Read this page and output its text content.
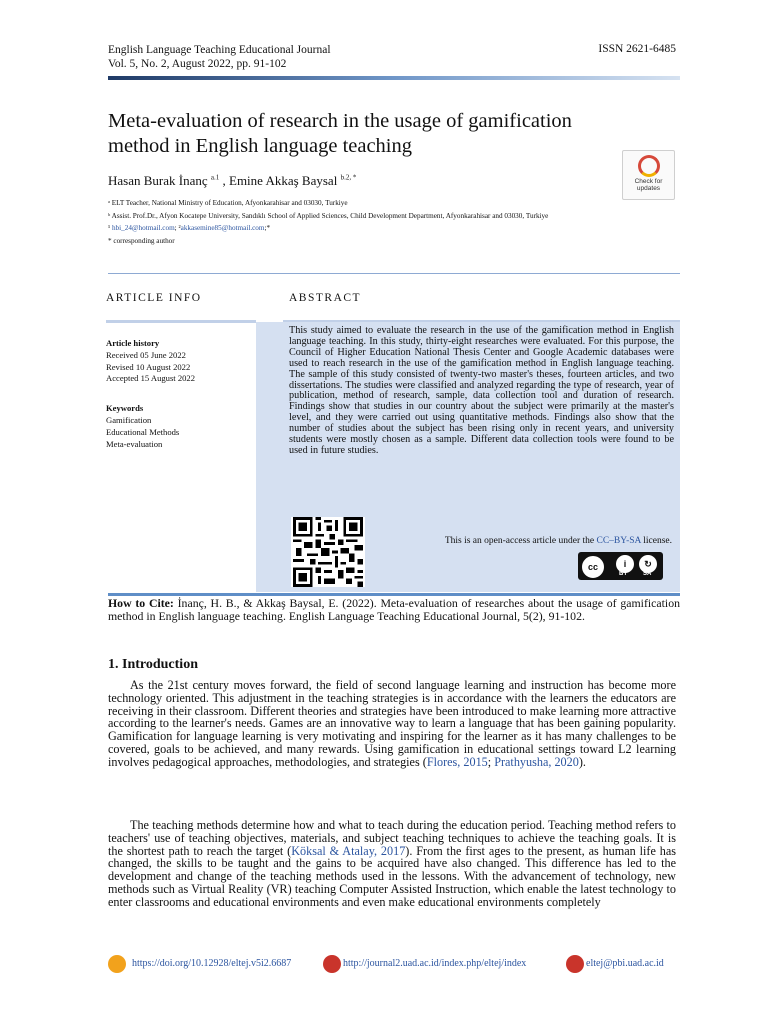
English Language Teaching Educational Journal
Vol. 5, No. 2, August 2022, pp. 91-102
ISSN 2621-6485
Meta-evaluation of research in the usage of gamification method in English language teaching
Hasan Burak İnanç $^{a.1}$ , Emine Akkaş Baysal $^{b.2, *}$	Check for
updates
ᵃ ELT Teacher, National Ministry of Education, Afyonkarahisar and 03030, Turkiye
ᵇ Assist. Prof.Dr., Afyon Kocatepe University, Sandıklı School of Applied Sciences, Child Development Department, Afyonkarahisar and 03030, Turkiye
¹ hbi_24@hotmail.com; ²akkasemine85@hotmail.com;*
* corresponding author
ARTICLE INFO	ABSTRACT
Article history
Received 05 June 2022
Revised 10 August 2022
Accepted 15 August 2022
Keywords
Gamification
Educational Methods
Meta-evaluation
This study aimed to evaluate the research in the use of the gamification method in English language teaching. In this study, thirty-eight researches were evaluated. For this purpose, the Council of Higher Education National Thesis Center and Google Academic databases were used to reach research in the use of the gamification method in English language teaching. The sample of this study consisted of twenty-two master's theses, fourteen articles, and two dissertations. The studies were classified and analyzed regarding the type of research, year of publication, method of research, sample, data collection tool and duration of research. Findings show that studies in our country about the subject were primarily at the master's level, and they were carried out using quantitative methods. Findings also show that the number of studies about the subject has been rising only in recent years, and university students were mostly chosen as a sample. Different data collection tools were found to be used in future studies.
This is an open-access article under the CC–BY-SA license.
cc	i	↻
BY	SA
How to Cite: İnanç, H. B., & Akkaş Baysal, E. (2022). Meta-evaluation of researches about the usage of gamification method in English language teaching. English Language Teaching Educational Journal, 5(2), 91-102.
1. Introduction
As the 21st century moves forward, the field of second language learning and instruction has become more technology oriented. This adjustment in the teaching strategies is in accordance with the learners the educators are receiving in their classroom. Different theories and strategies have been introduced to make learning more attractive according to the learner's needs. Games are an innovative way to learn a language that has been gaining popularity. Gamification for language learning is very motivating and inspiring for the learner as it has many challenges to be covered, goals to be achieved, and many rewards. Using gamification in educational settings toward L2 learning involves pedagogical approaches, methodologies, and strategies (Flores, 2015; Prathyusha, 2020).
The teaching methods determine how and what to teach during the education period. Teaching method refers to teachers' use of teaching objectives, materials, and subject teaching techniques to achieve the teaching goals. It is the shortest path to reach the target (Köksal & Atalay, 2017). From the first ages to the present, as human life has changed, the skills to be taught and the gains to be acquired have also changed. This difference has led to the development and change of the teaching methods used in the lessons. With the advancement of technology, new methods such as Virtual Reality (VR) teaching Computer Assisted Instruction, which enable the latest technology to enter classrooms and educational environments and even make educational environments completely
https://doi.org/10.12928/eltej.v5i2.6687	http://journal2.uad.ac.id/index.php/eltej/index	eltej@pbi.uad.ac.id
